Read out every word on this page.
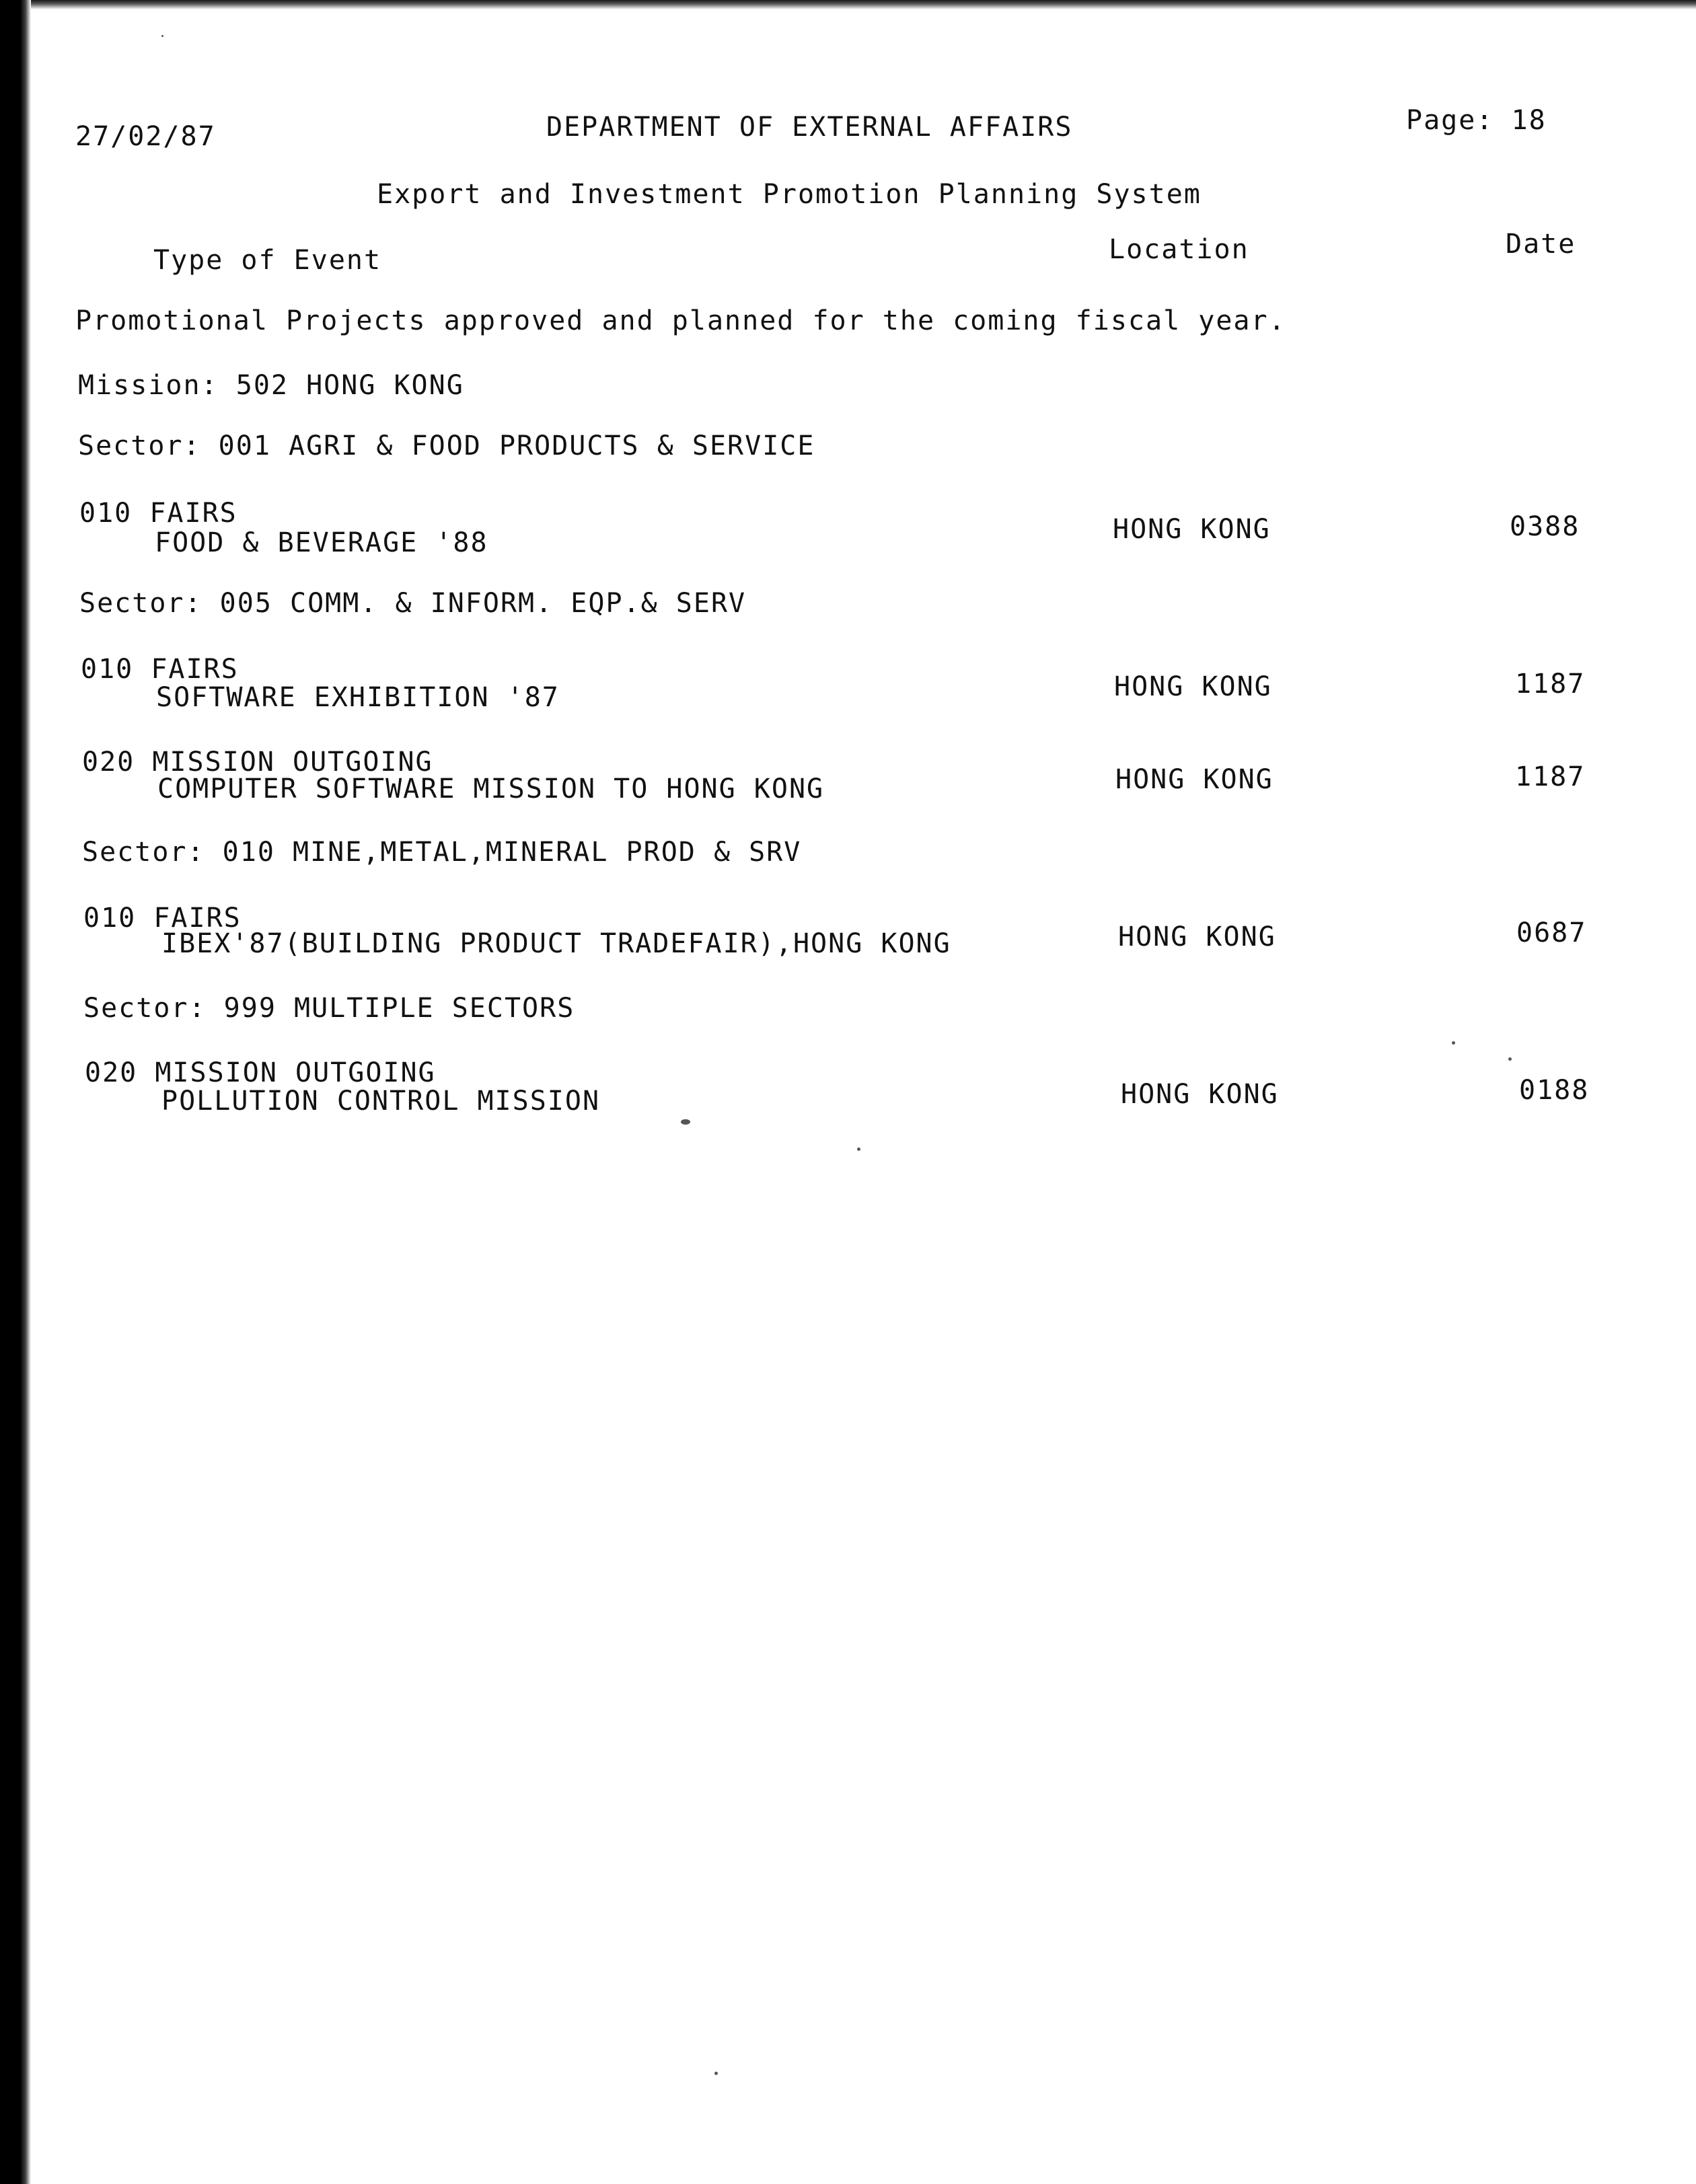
27/02/87	DEPARTMENT OF EXTERNAL AFFAIRS	Page: 18
Export and Investment Promotion Planning System
Type of Event	Location	Date
Promotional Projects approved and planned for the coming fiscal year.
Mission: 502 HONG KONG
Sector: 001 AGRI & FOOD PRODUCTS & SERVICE
010 FAIRS
FOOD & BEVERAGE '88	HONG KONG	0388
Sector: 005 COMM. & INFORM. EQP.& SERV
010 FAIRS
SOFTWARE EXHIBITION '87	HONG KONG	1187
020 MISSION OUTGOING
COMPUTER SOFTWARE MISSION TO HONG KONG	HONG KONG	1187
Sector: 010 MINE,METAL,MINERAL PROD & SRV
010 FAIRS
IBEX'87(BUILDING PRODUCT TRADEFAIR),HONG KONG	HONG KONG	0687
Sector: 999 MULTIPLE SECTORS
020 MISSION OUTGOING
POLLUTION CONTROL MISSION	HONG KONG	0188
